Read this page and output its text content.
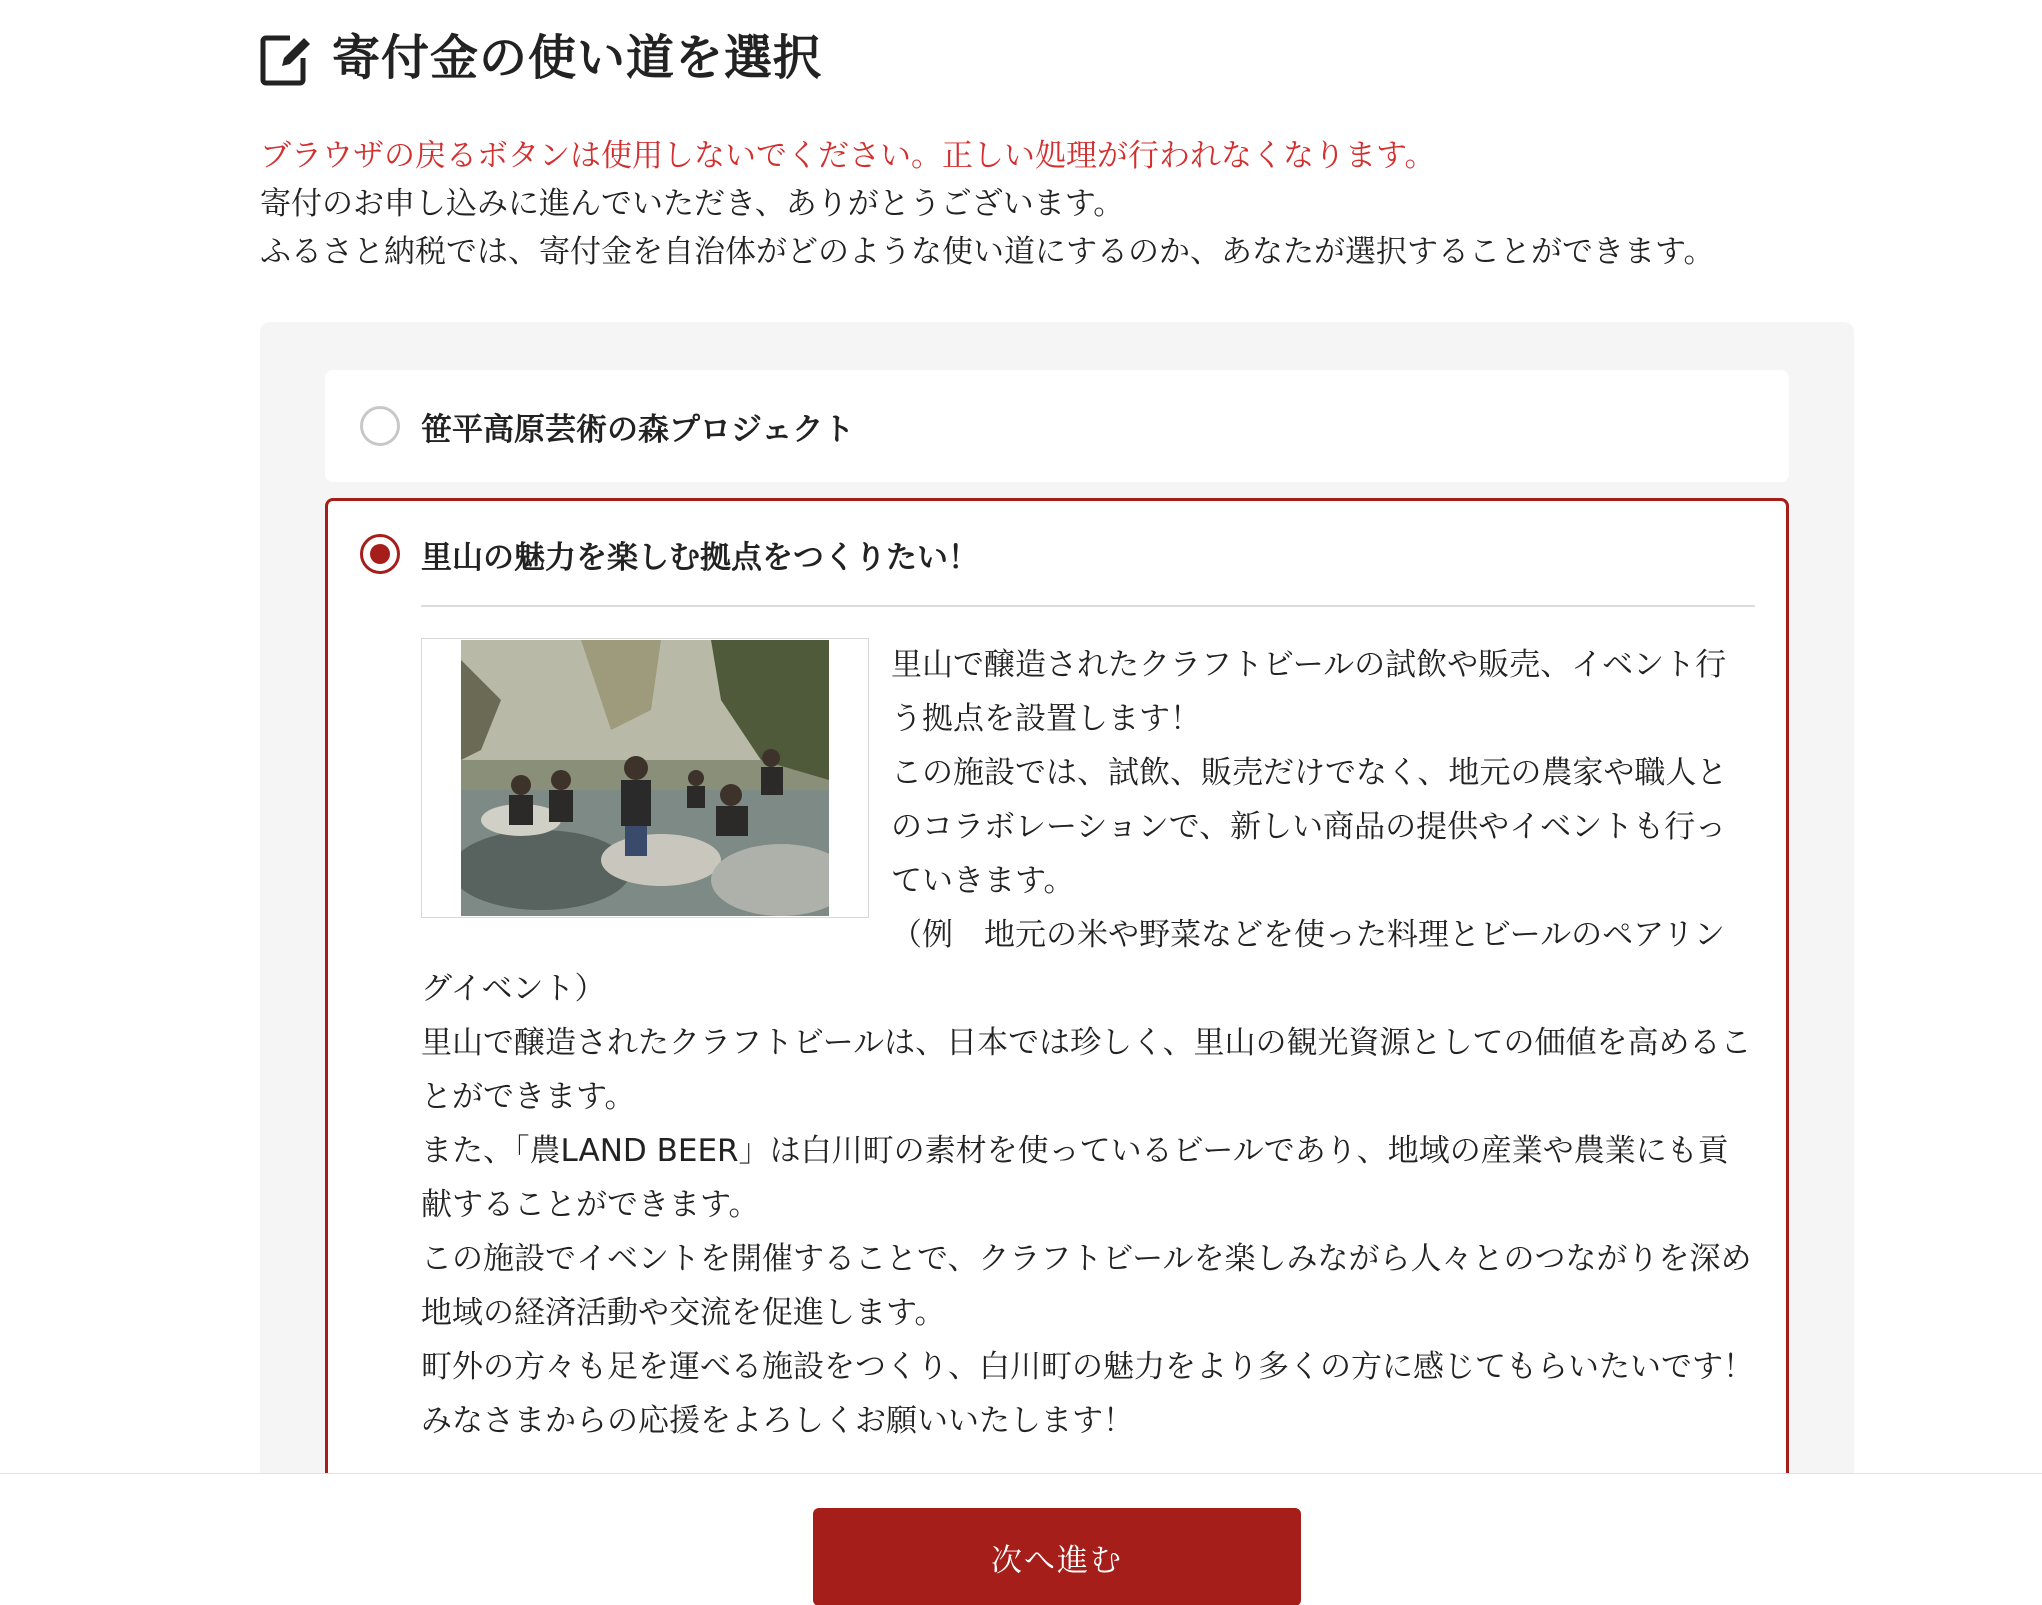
寄付金の使い道を選択

ブラウザの戻るボタンは使用しないでください。正しい処理が行われなくなります。

寄付のお申し込みに進んでいただき、ありがとうございます。

ふるさと納税では、寄付金を自治体がどのような使い道にするのか、あなたが選択することができます。

笹平高原芸術の森プロジェクト
里山の魅力を楽しむ拠点をつくりたい！

里山で醸造されたクラフトビールの試飲や販売、イベント行う拠点を設置します！

この施設では、試飲、販売だけでなく、地元の農家や職人とのコラボレーションで、新しい商品の提供やイベントも行っていきます。

（例　地元の米や野菜などを使った料理とビールのペアリングイベント）

里山で醸造されたクラフトビールは、日本では珍しく、里山の観光資源としての価値を高めることができます。

また、「農LAND BEER」は白川町の素材を使っているビールであり、地域の産業や農業にも貢献することができます。

この施設でイベントを開催することで、クラフトビールを楽しみながら人々とのつながりを深め地域の経済活動や交流を促進します。

町外の方々も足を運べる施設をつくり、白川町の魅力をより多くの方に感じてもらいたいです！

みなさまからの応援をよろしくお願いいたします！

次へ進む
